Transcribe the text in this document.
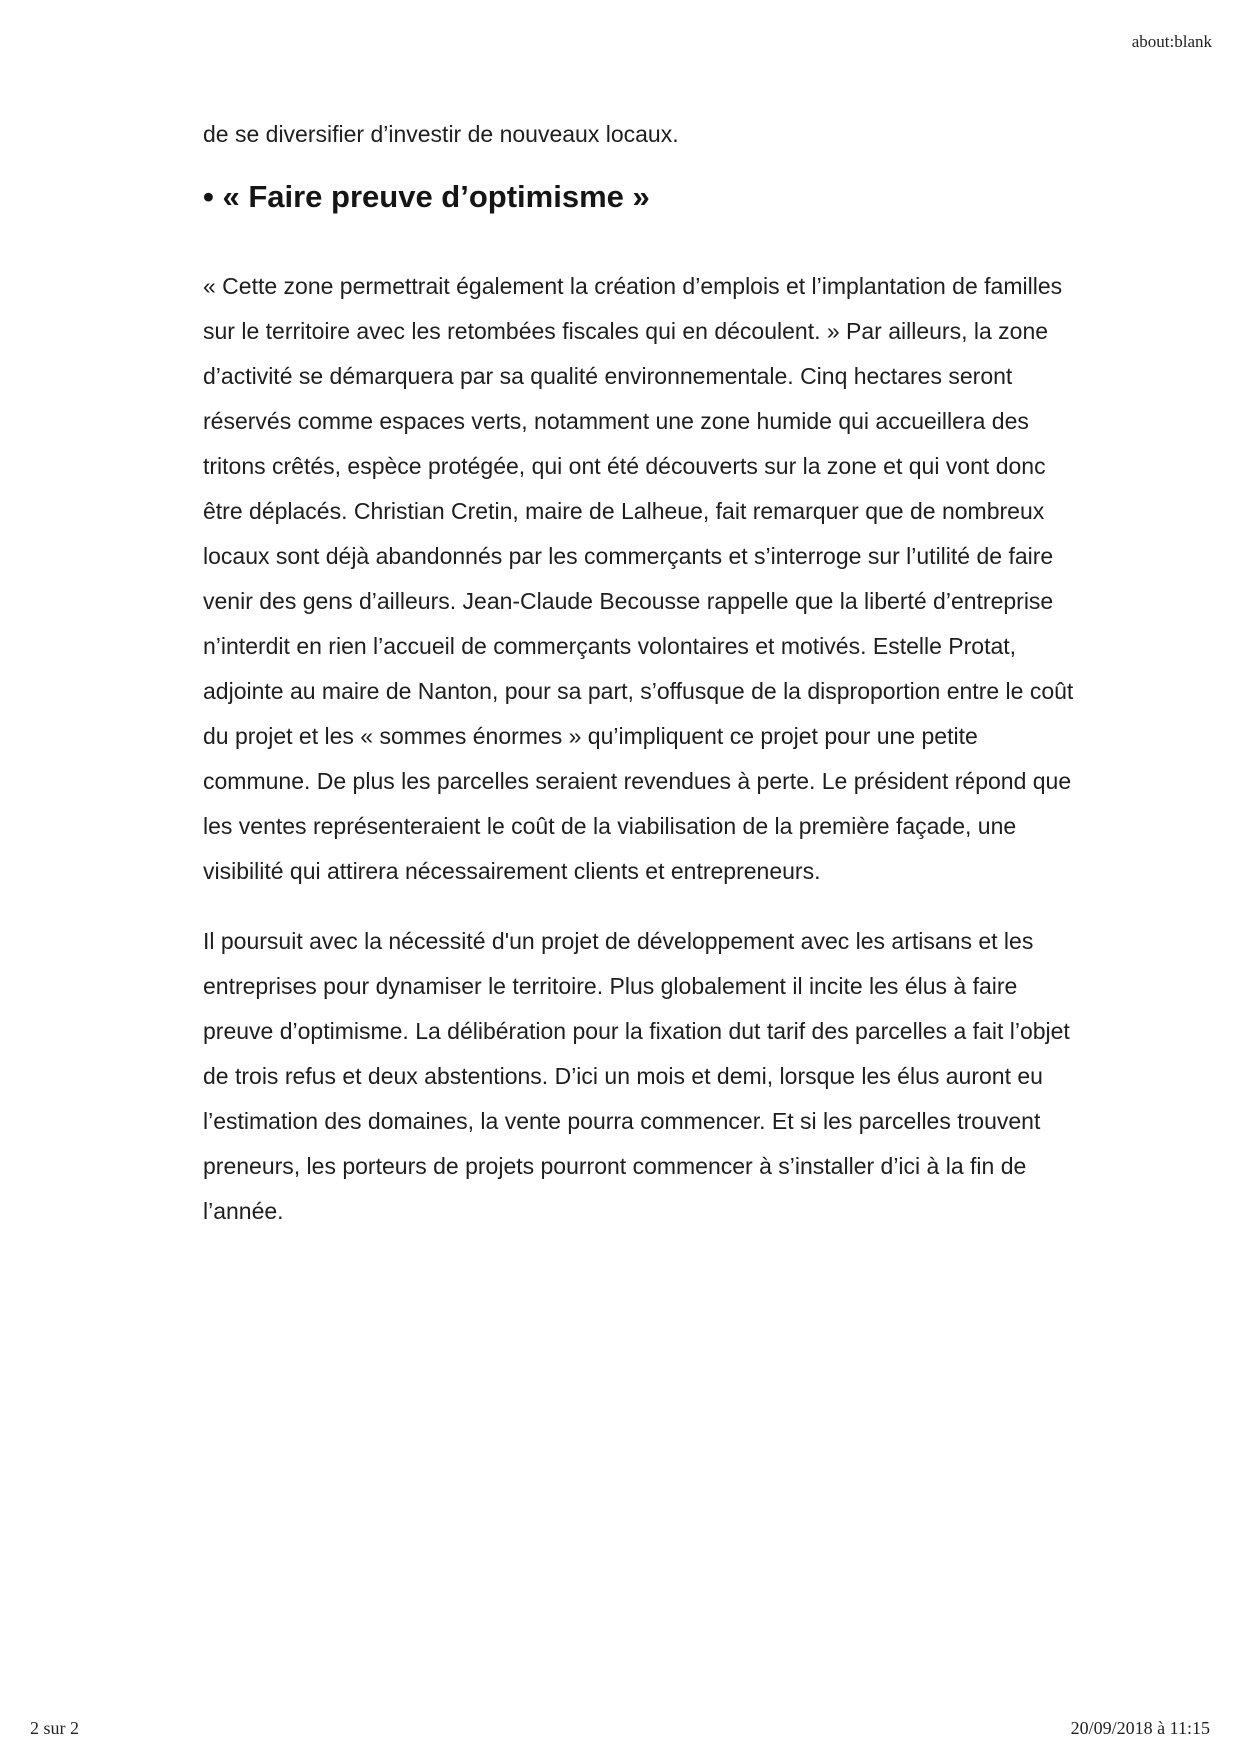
about:blank

de se diversifier d’investir de nouveaux locaux.

• « Faire preuve d’optimisme »

« Cette zone permettrait également la création d’emplois et l’implantation de familles sur le territoire avec les retombées fiscales qui en découlent. » Par ailleurs, la zone d’activité se démarquera par sa qualité environnementale. Cinq hectares seront réservés comme espaces verts, notamment une zone humide qui accueillera des tritons crêtés, espèce protégée, qui ont été découverts sur la zone et qui vont donc être déplacés. Christian Cretin, maire de Lalheue, fait remarquer que de nombreux locaux sont déjà abandonnés par les commerçants et s’interroge sur l’utilité de faire venir des gens d’ailleurs. Jean-Claude Becousse rappelle que la liberté d’entreprise n’interdit en rien l’accueil de commerçants volontaires et motivés. Estelle Protat, adjointe au maire de Nanton, pour sa part, s’offusque de la disproportion entre le coût du projet et les « sommes énormes » qu’impliquent ce projet pour une petite commune. De plus les parcelles seraient revendues à perte. Le président répond que les ventes représenteraient le coût de la viabilisation de la première façade, une visibilité qui attirera nécessairement clients et entrepreneurs.

Il poursuit avec la nécessité d'un projet de développement avec les artisans et les entreprises pour dynamiser le territoire. Plus globalement il incite les élus à faire preuve d’optimisme. La délibération pour la fixation dut tarif des parcelles a fait l’objet de trois refus et deux abstentions. D’ici un mois et demi, lorsque les élus auront eu l’estimation des domaines, la vente pourra commencer. Et si les parcelles trouvent preneurs, les porteurs de projets pourront commencer à s’installer d’ici à la fin de l’année.

2 sur 2	20/09/2018 à 11:15
